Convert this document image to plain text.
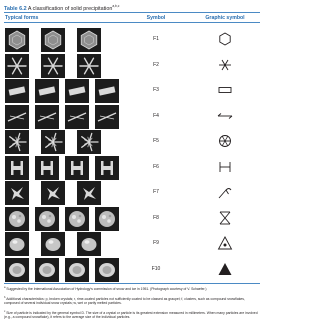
Table 6.2 A classification of solid precipitation$^{a,b,c}$
Typical forms	Symbol	Graphic symbol
F1
F2
F3
F4
F5
F6
F7
F8
F9
F10
$^a$ Suggested by the International Association of Hydrology's commission of snow and ice in 1951. (Photograph courtesy of V. Schaefer.)
$^b$ Additional characteristics: p, broken crystals; r, rime-coated particles not sufficiently coated to be classed as graupel; f, clusters, such as compound snowflakes, composed of several individual snow crystals; w, wet or partly melted particles.
$^c$ Size of particle is indicated by the general symbol D. The size of a crystal or particle is its greatest extension measured in millimeters. When many particles are involved (e.g., a compound snowflake), it refers to the average size of the individual particles.
